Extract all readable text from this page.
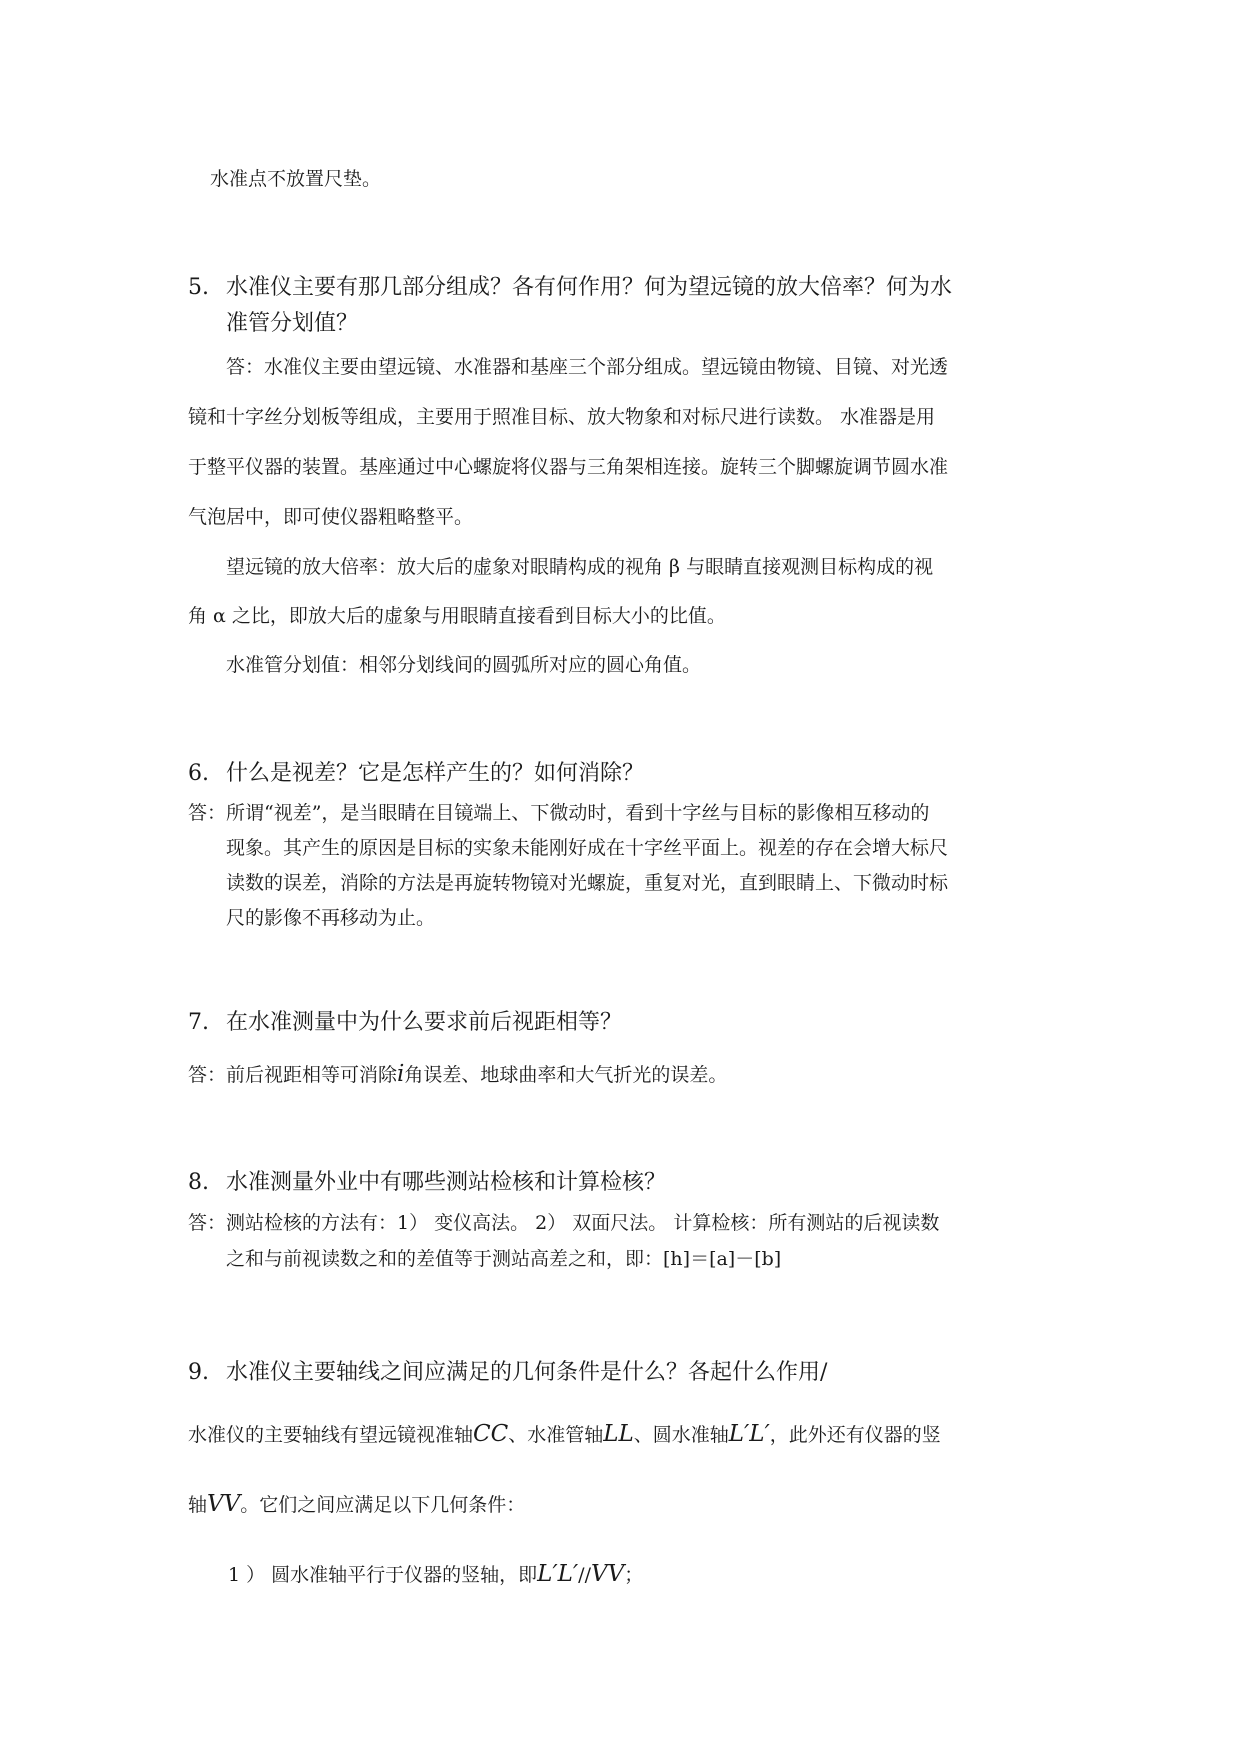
水准点不放置尺垫。
5. 水准仪主要有那几部分组成？各有何作用？何为望远镜的放大倍率？何为水
准管分划值？
答：水准仪主要由望远镜、水准器和基座三个部分组成。望远镜由物镜、目镜、对光透
镜和十字丝分划板等组成，主要用于照准目标、放大物象和对标尺进行读数。 水准器是用
于整平仪器的装置。基座通过中心螺旋将仪器与三角架相连接。旋转三个脚螺旋调节圆水准
气泡居中，即可使仪器粗略整平。
望远镜的放大倍率：放大后的虚象对眼睛构成的视角 β 与眼睛直接观测目标构成的视
角 α 之比，即放大后的虚象与用眼睛直接看到目标大小的比值。
水准管分划值：相邻分划线间的圆弧所对应的圆心角值。
6. 什么是视差？它是怎样产生的？如何消除？
答：所谓“视差”，是当眼睛在目镜端上、下微动时，看到十字丝与目标的影像相互移动的
现象。其产生的原因是目标的实象未能刚好成在十字丝平面上。视差的存在会增大标尺
读数的误差，消除的方法是再旋转物镜对光螺旋，重复对光，直到眼睛上、下微动时标
尺的影像不再移动为止。
7. 在水准测量中为什么要求前后视距相等？
答：前后视距相等可消除i角误差、地球曲率和大气折光的误差。
8. 水准测量外业中有哪些测站检核和计算检核？
答：测站检核的方法有：1） 变仪高法。 2） 双面尺法。 计算检核：所有测站的后视读数
之和与前视读数之和的差值等于测站高差之和，即：[h]＝[a]－[b]
9. 水准仪主要轴线之间应满足的几何条件是什么？各起什么作用/
水准仪的主要轴线有望远镜视准轴CC、水准管轴LL、圆水准轴L′L′，此外还有仪器的竖
轴VV。它们之间应满足以下几何条件：
1 ） 圆水准轴平行于仪器的竖轴，即L′L′//VV；
